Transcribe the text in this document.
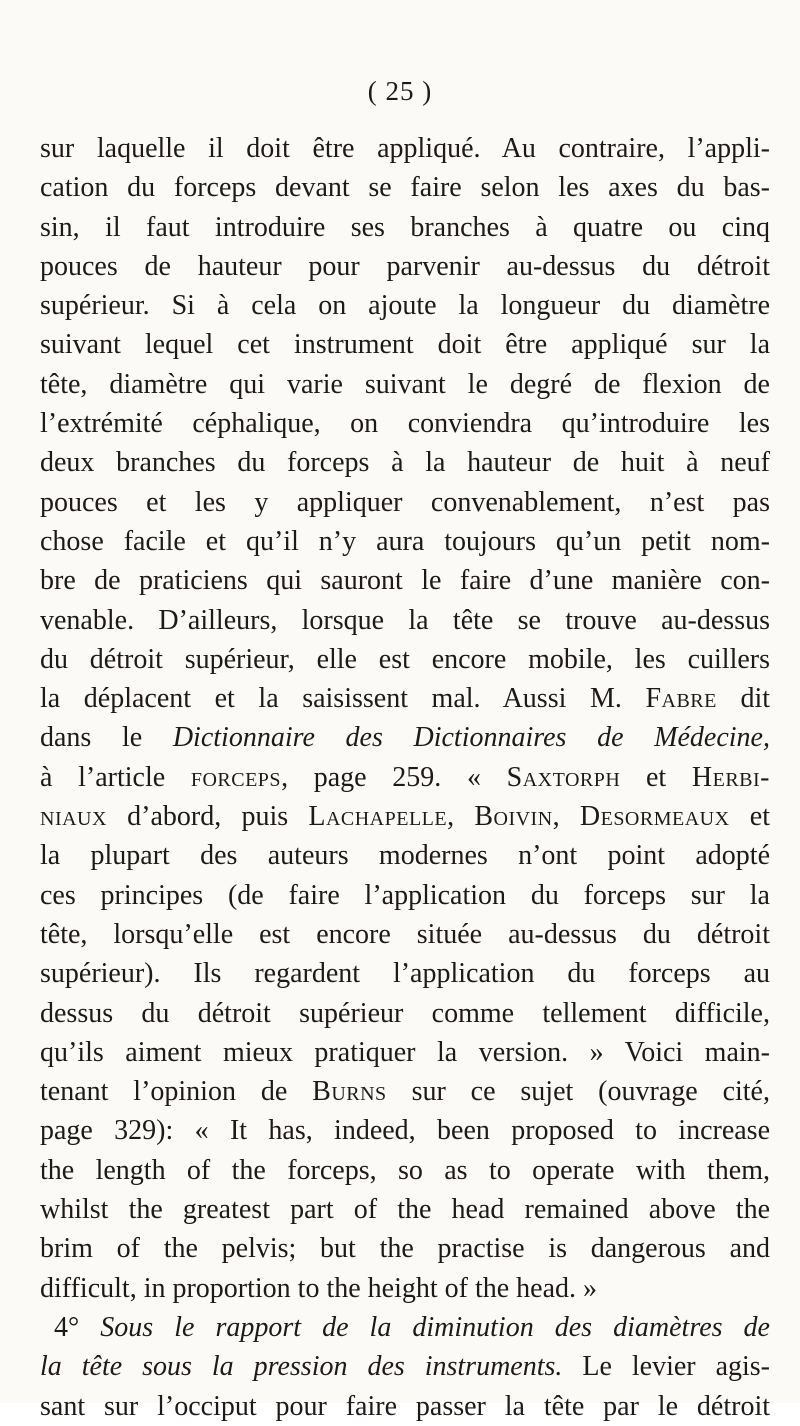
( 25 )
sur laquelle il doit être appliqué. Au contraire, l’appli-
cation du forceps devant se faire selon les axes du bas-
sin, il faut introduire ses branches à quatre ou cinq
pouces de hauteur pour parvenir au-dessus du détroit
supérieur. Si à cela on ajoute la longueur du diamètre
suivant lequel cet instrument doit être appliqué sur la
tête, diamètre qui varie suivant le degré de flexion de
l’extrémité céphalique, on conviendra qu’introduire les
deux branches du forceps à la hauteur de huit à neuf
pouces et les y appliquer convenablement, n’est pas
chose facile et qu’il n’y aura toujours qu’un petit nom-
bre de praticiens qui sauront le faire d’une manière con-
venable. D’ailleurs, lorsque la tête se trouve au-dessus
du détroit supérieur, elle est encore mobile, les cuillers
la déplacent et la saisissent mal. Aussi M. Fabre dit
dans le Dictionnaire des Dictionnaires de Médecine,
à l’article forceps, page 259. « Saxtorph et Herbi-
niaux d’abord, puis Lachapelle, Boivin, Desormeaux et
la plupart des auteurs modernes n’ont point adopté
ces principes (de faire l’application du forceps sur la
tête, lorsqu’elle est encore située au-dessus du détroit
supérieur). Ils regardent l’application du forceps au
dessus du détroit supérieur comme tellement difficile,
qu’ils aiment mieux pratiquer la version. » Voici main-
tenant l’opinion de Burns sur ce sujet (ouvrage cité,
page 329): « It has, indeed, been proposed to increase
the length of the forceps, so as to operate with them,
whilst the greatest part of the head remained above the
brim of the pelvis; but the practise is dangerous and
difficult, in proportion to the height of the head. »
4° Sous le rapport de la diminution des diamètres de
la tête sous la pression des instruments. Le levier agis-
sant sur l’occiput pour faire passer la tête par le détroit
